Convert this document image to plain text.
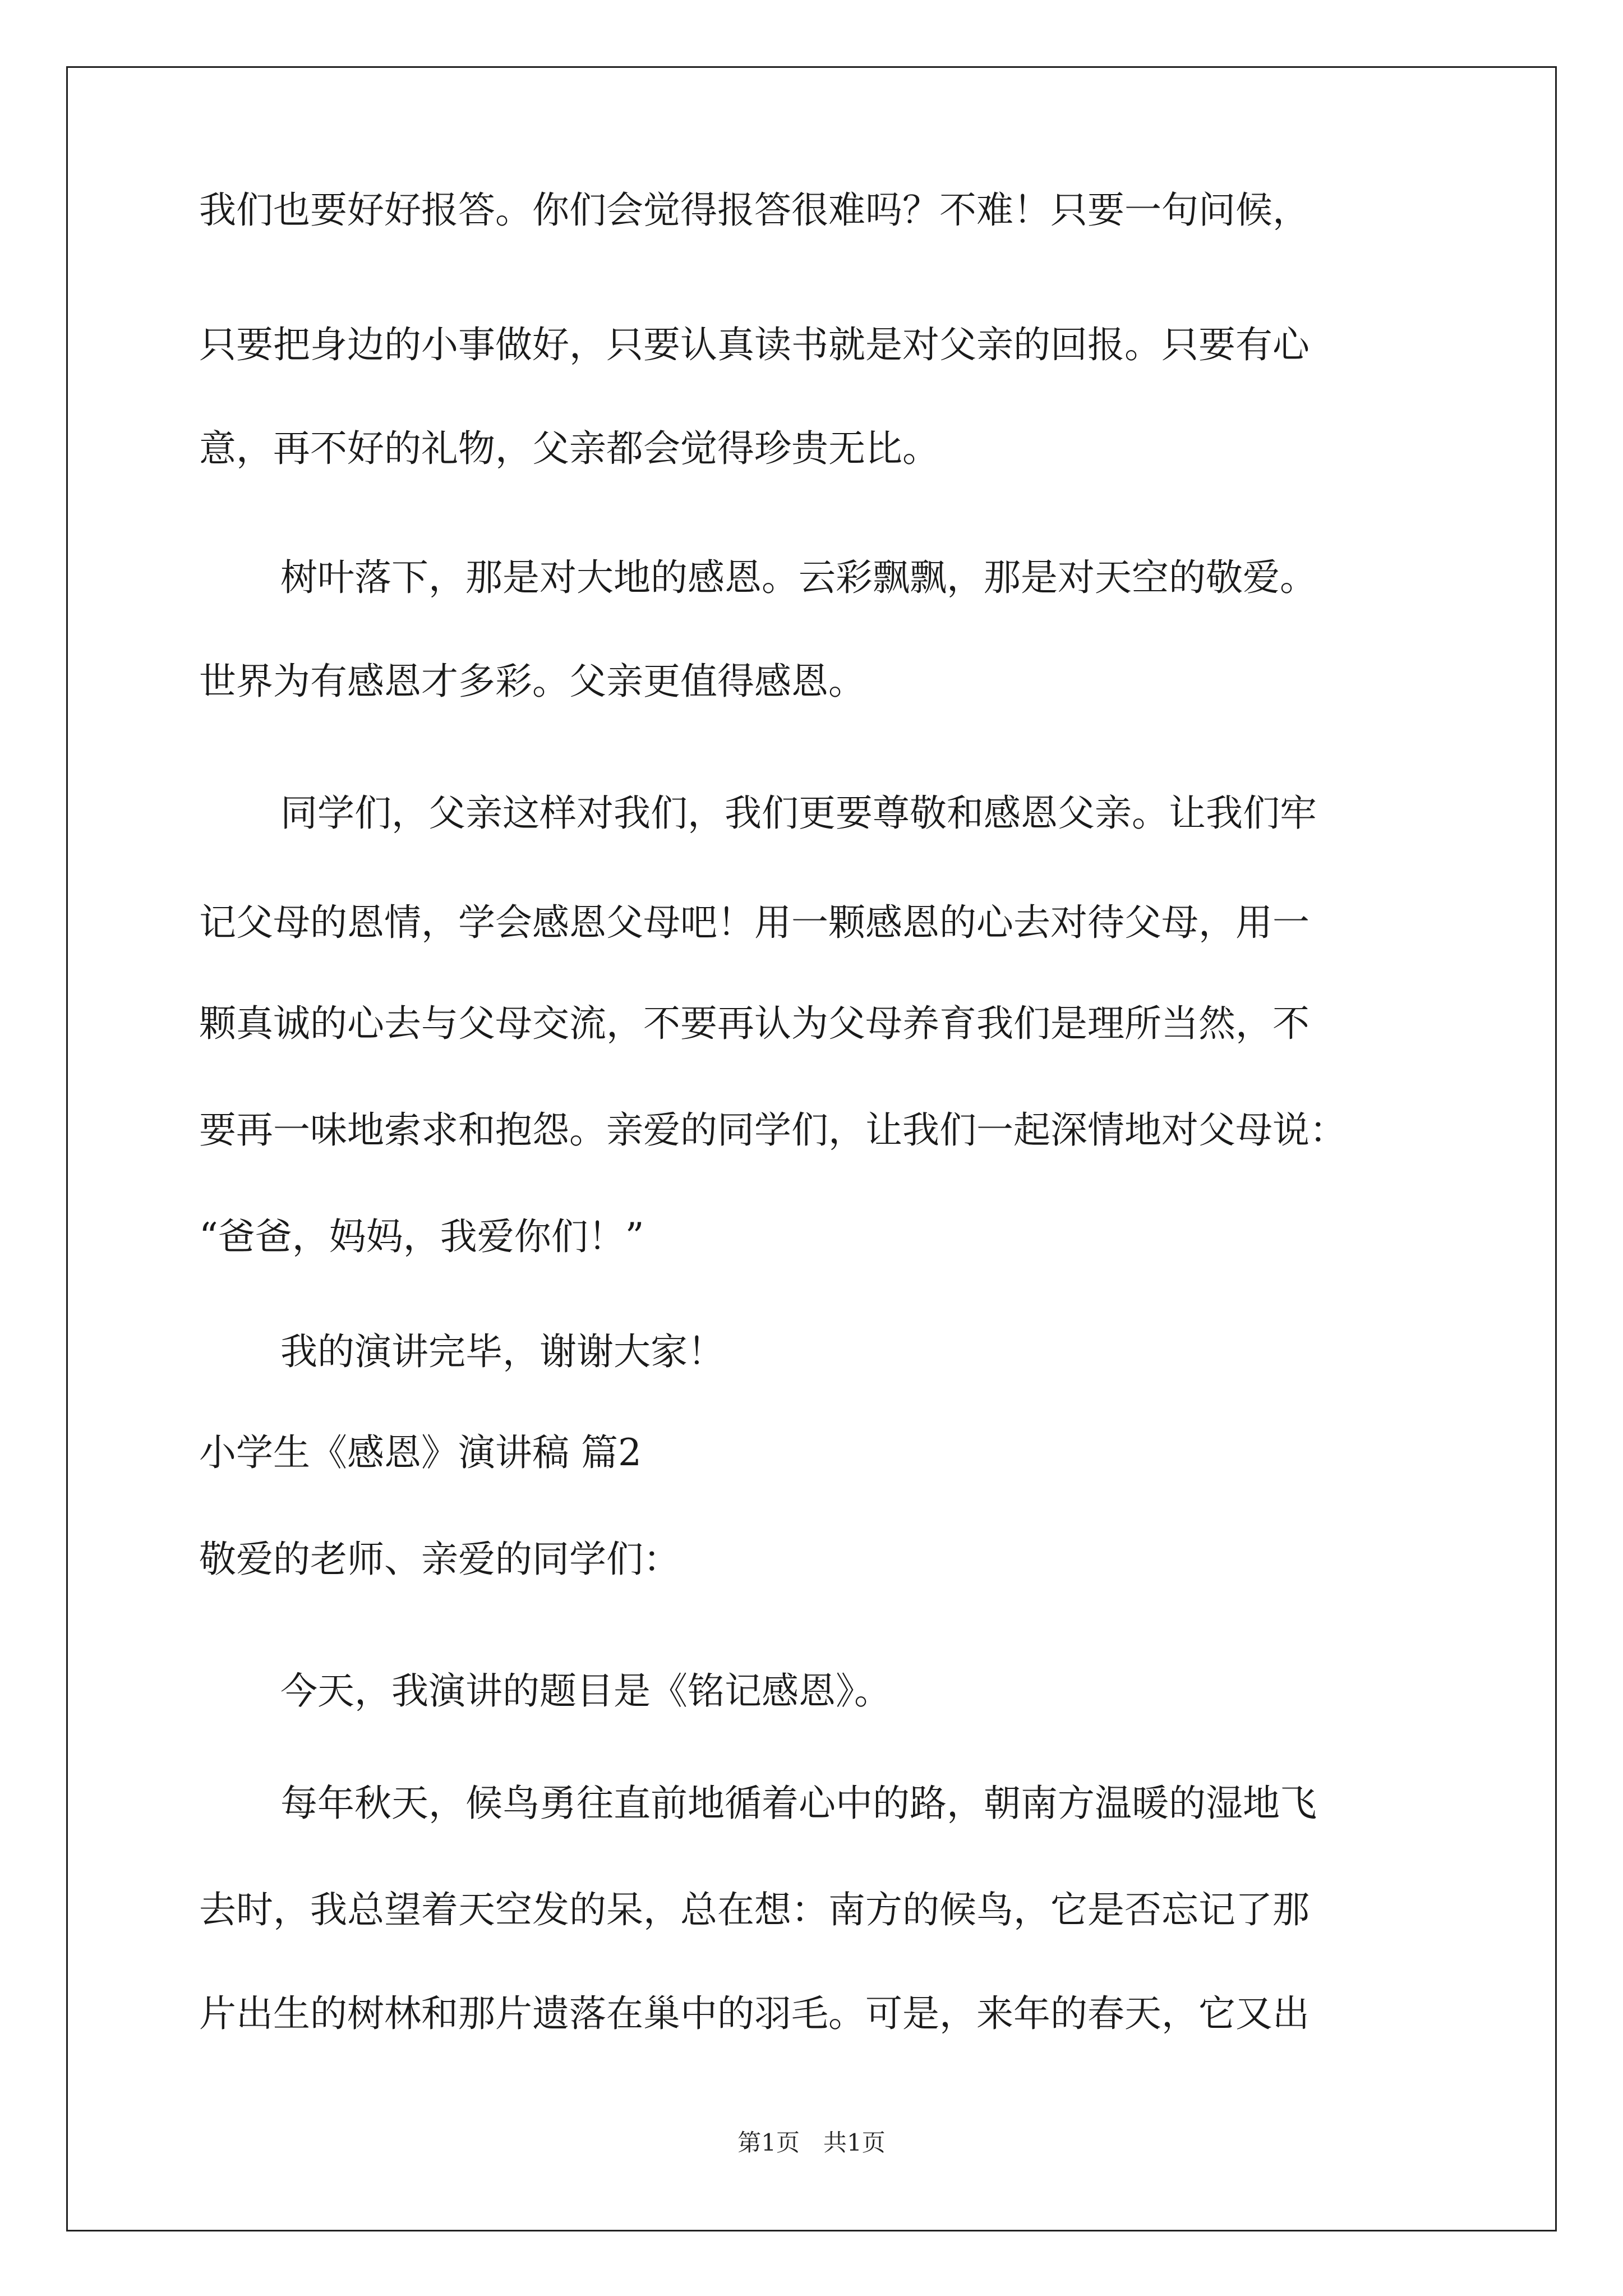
我们也要好好报答。你们会觉得报答很难吗？不难！只要一句问候，
只要把身边的小事做好，只要认真读书就是对父亲的回报。只要有心
意，再不好的礼物，父亲都会觉得珍贵无比。
树叶落下，那是对大地的感恩。云彩飘飘，那是对天空的敬爱。
世界为有感恩才多彩。父亲更值得感恩。
同学们，父亲这样对我们，我们更要尊敬和感恩父亲。让我们牢
记父母的恩情，学会感恩父母吧！用一颗感恩的心去对待父母，用一
颗真诚的心去与父母交流，不要再认为父母养育我们是理所当然，不
要再一味地索求和抱怨。亲爱的同学们，让我们一起深情地对父母说：
“爸爸，妈妈，我爱你们！”
我的演讲完毕，谢谢大家！
小学生《感恩》演讲稿 篇2
敬爱的老师、亲爱的同学们：
今天，我演讲的题目是《铭记感恩》。
每年秋天，候鸟勇往直前地循着心中的路，朝南方温暖的湿地飞
去时，我总望着天空发的呆，总在想：南方的候鸟，它是否忘记了那
片出生的树林和那片遗落在巢中的羽毛。可是，来年的春天，它又出
第1页　共1页
